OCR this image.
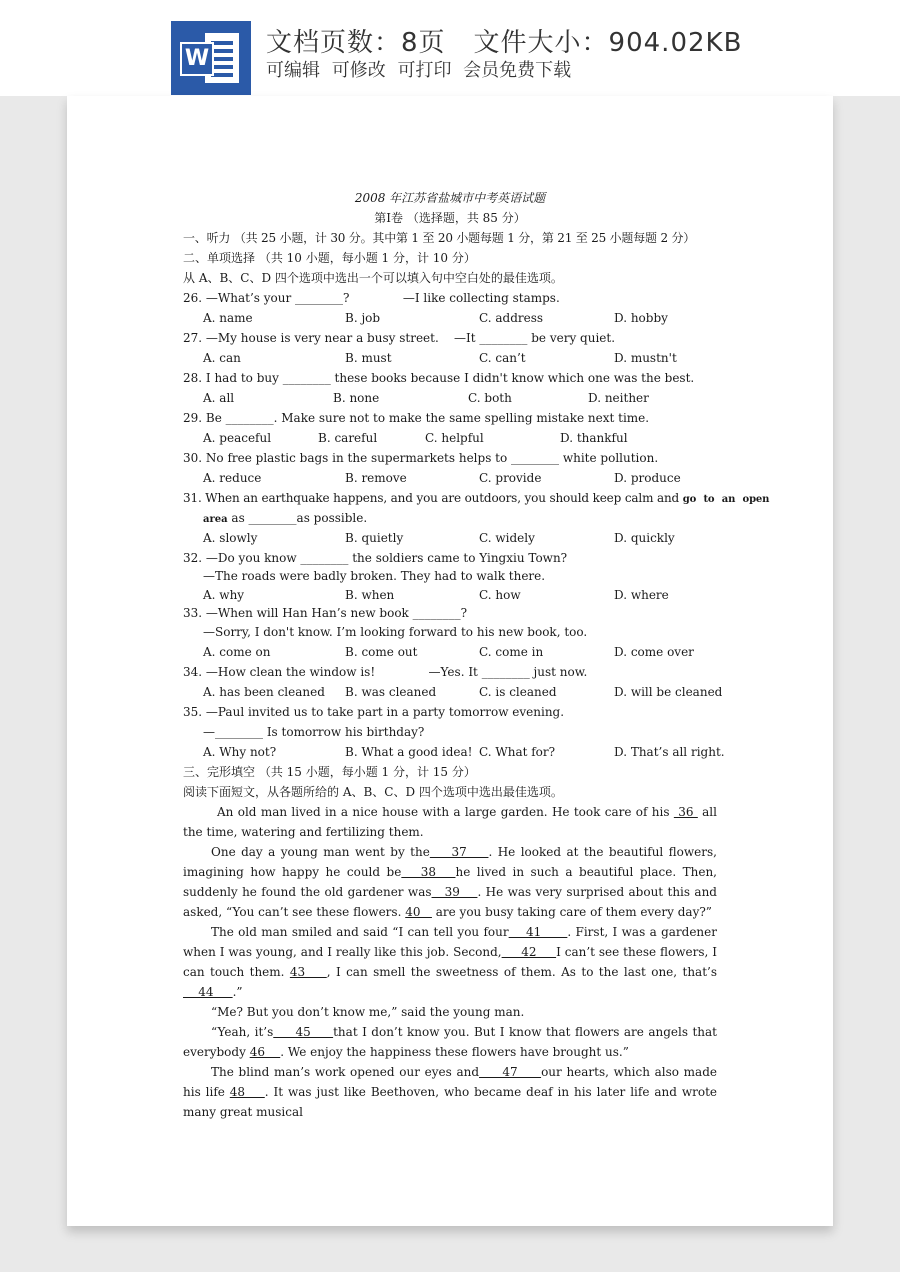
W
文档页数：8页 文件大小：904.02KB
可编辑 可修改 可打印 会员免费下载
2008 年江苏省盐城市中考英语试题
第Ⅰ卷 （选择题，共 85 分）
一、听力 （共 25 小题，计 30 分。其中第 1 至 20 小题每题 1 分，第 21 至 25 小题每题 2 分）
二、单项选择 （共 10 小题，每小题 1 分，计 10 分）
从 A、B、C、D 四个选项中选出一个可以填入句中空白处的最佳选项。
26. —What’s your ________?              —I like collecting stamps.
A. name	B. job	C. address	D. hobby
27. —My house is very near a busy street.    —It ________ be very quiet.
A. can	B. must	C. can’t	D. mustn't
28. I had to buy ________ these books because I didn't know which one was the best.
A. all	B. none	C. both	D. neither
29. Be ________. Make sure not to make the same spelling mistake next time.
A. peaceful	B. careful	C. helpful	D. thankful
30. No free plastic bags in the supermarkets helps to ________ white pollution.
A. reduce	B. remove	C. provide	D. produce
31. When an earthquake happens, and you are outdoors, you should keep calm and go to an open
area as ________as possible.
A. slowly	B. quietly	C. widely	D. quickly
32. —Do you know ________ the soldiers came to Yingxiu Town?
—The roads were badly broken. They had to walk there.
A. why	B. when	C. how	D. where
33. —When will Han Han’s new book ________?
—Sorry, I don't know. I’m looking forward to his new book, too.
A. come on	B. come out	C. come in	D. come over
34. —How clean the window is!              —Yes. It ________ just now.
A. has been cleaned B. was cleaned	C. is cleaned	D. will be cleaned
35. —Paul invited us to take part in a party tomorrow evening.
—________ Is tomorrow his birthday?
A. Why not?	B. What a good idea! C. What for?	D. That’s all right.
三、完形填空 （共 15 小题，每小题 1 分，计 15 分）
阅读下面短文，从各题所给的 A、B、C、D 四个选项中选出最佳选项。
An old man lived in a nice house with a large garden. He took care of his  36  all the time, watering and fertilizing them.
One day a young man went by the    37    . He looked at the beautiful flowers, imagining how happy he could be   38   he lived in such a beautiful place. Then, suddenly he found the old gardener was   39    . He was very surprised about this and asked, “You can’t see these flowers. 40    are you busy taking care of them every day?”
The old man smiled and said “I can tell you four    41      . First, I was a gardener when I was young, and I really like this job. Second,     42     I can’t see these flowers, I can touch them. 43    , I can smell the sweetness of them. As to the last one, that’s    44     .”
“Me? But you don’t know me,” said the young man.
“Yeah, it’s     45     that I don’t know you. But I know that flowers are angels that everybody 46    . We enjoy the happiness these flowers have brought us.”
The blind man’s work opened our eyes and     47     our hearts, which also made his life 48    . It was just like Beethoven, who became deaf in his later life and wrote many great musical
